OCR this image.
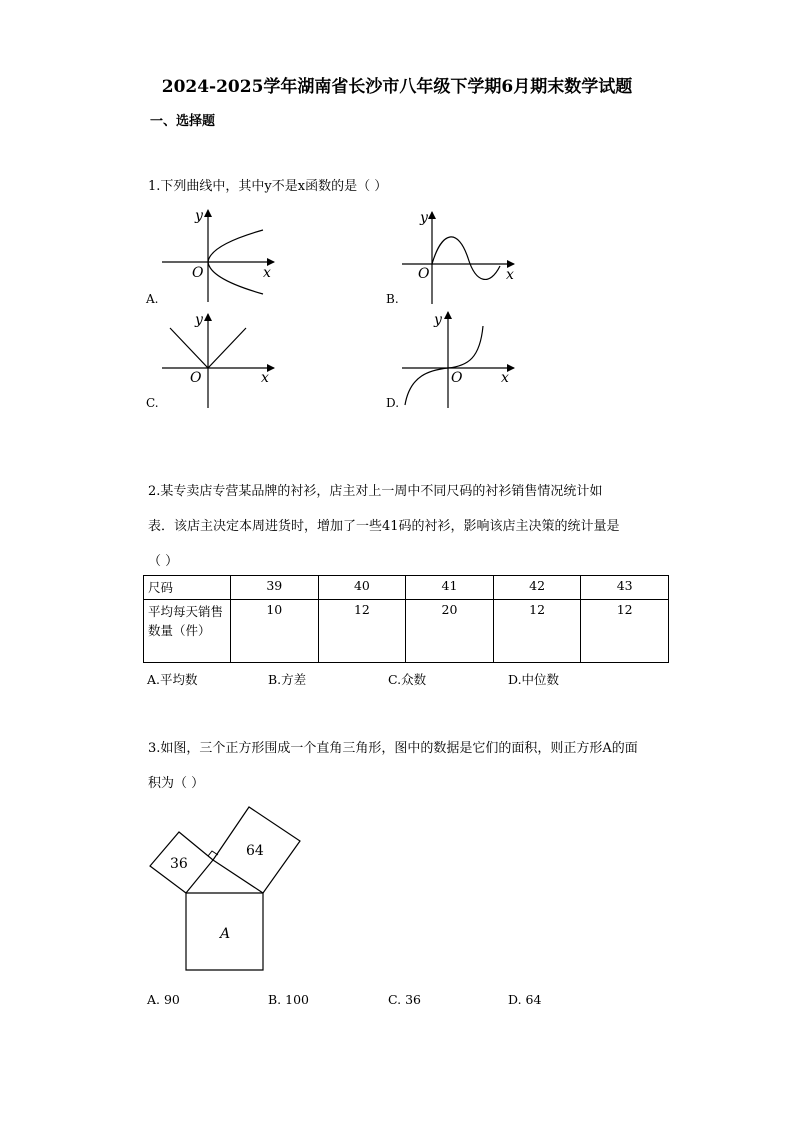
2024-2025学年湖南省长沙市八年级下学期6月期末数学试题
一、选择题
1.下列曲线中，其中y不是x函数的是（ ）
O	x
y
A.
O	x
y
B.
O	x
y
C.
O	x
y
D.
2.某专卖店专营某品牌的衬衫，店主对上一周中不同尺码的衬衫销售情况统计如
表．该店主决定本周进货时，增加了一些41码的衬衫，影响该店主决策的统计量是
（ ）
尺码	39	40	41	42	43
平均每天销售数量（件）	10	12	20	12	12
A.平均数	B.方差	C.众数	D.中位数
3.如图，三个正方形围成一个直角三角形，图中的数据是它们的面积，则正方形A的面
积为（ ）
36
64
A
A. 90	B. 100	C. 36	D. 64
